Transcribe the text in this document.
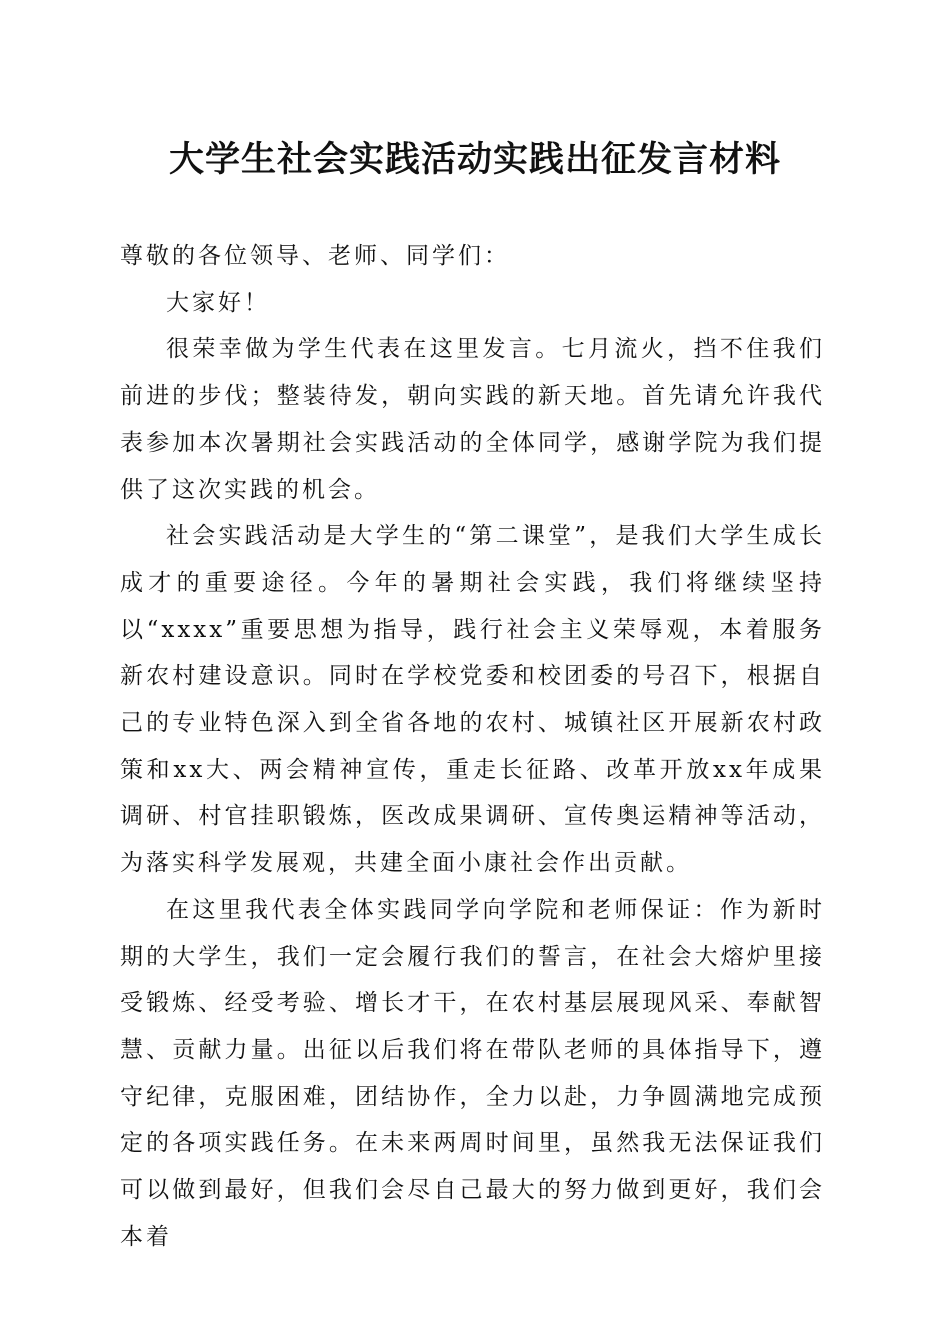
大学生社会实践活动实践出征发言材料

尊敬的各位领导、老师、同学们：

大家好！

很荣幸做为学生代表在这里发言。七月流火，挡不住我们前进的步伐；整装待发，朝向实践的新天地。首先请允许我代表参加本次暑期社会实践活动的全体同学，感谢学院为我们提供了这次实践的机会。

社会实践活动是大学生的“第二课堂”，是我们大学生成长成才的重要途径。今年的暑期社会实践，我们将继续坚持以“xxxx”重要思想为指导，践行社会主义荣辱观，本着服务新农村建设意识。同时在学校党委和校团委的号召下，根据自己的专业特色深入到全省各地的农村、城镇社区开展新农村政策和xx大、两会精神宣传，重走长征路、改革开放xx年成果调研、村官挂职锻炼，医改成果调研、宣传奥运精神等活动，为落实科学发展观，共建全面小康社会作出贡献。

在这里我代表全体实践同学向学院和老师保证：作为新时期的大学生，我们一定会履行我们的誓言，在社会大熔炉里接受锻炼、经受考验、增长才干，在农村基层展现风采、奉献智慧、贡献力量。出征以后我们将在带队老师的具体指导下，遵守纪律，克服困难，团结协作，全力以赴，力争圆满地完成预定的各项实践任务。在未来两周时间里，虽然我无法保证我们可以做到最好，但我们会尽自己最大的努力做到更好，我们会本着
